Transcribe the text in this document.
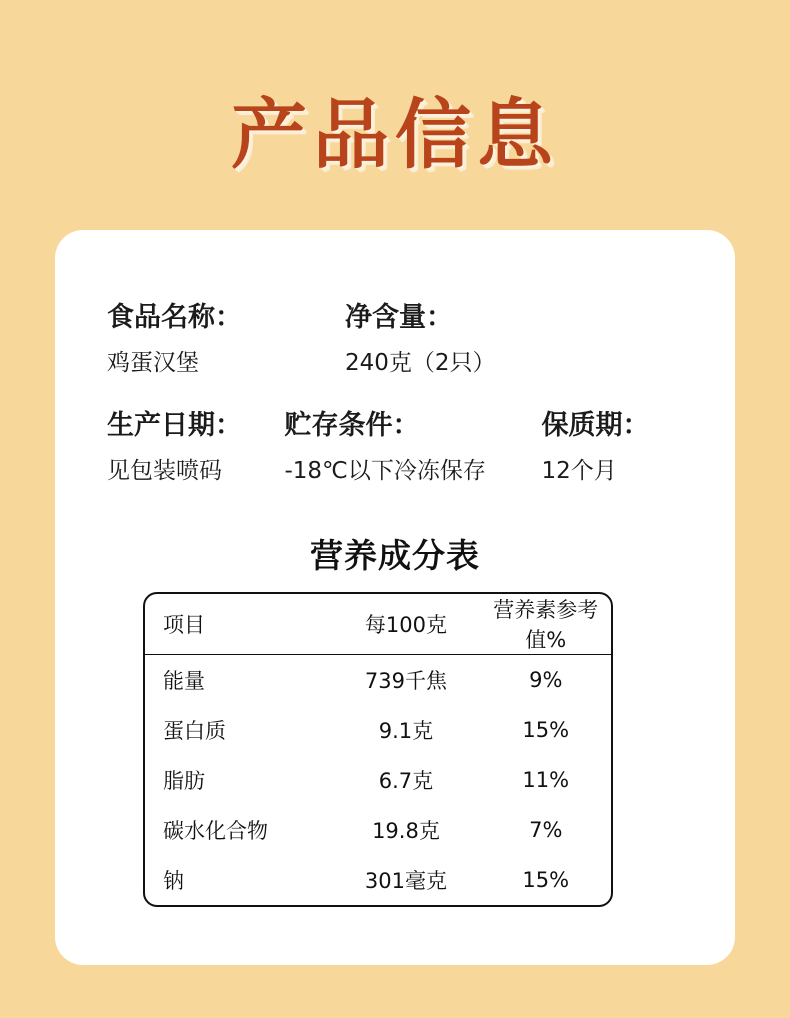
产品信息
食品名称：	净含量：
鸡蛋汉堡	240克（2只）
生产日期：	贮存条件：	保质期：
见包装喷码	-18℃以下冷冻保存	12个月
营养成分表
项目	每100克	营养素参考值%
能量	739千焦	9%
蛋白质	9.1克	15%
脂肪	6.7克	11%
碳水化合物	19.8克	7%
钠	301毫克	15%
